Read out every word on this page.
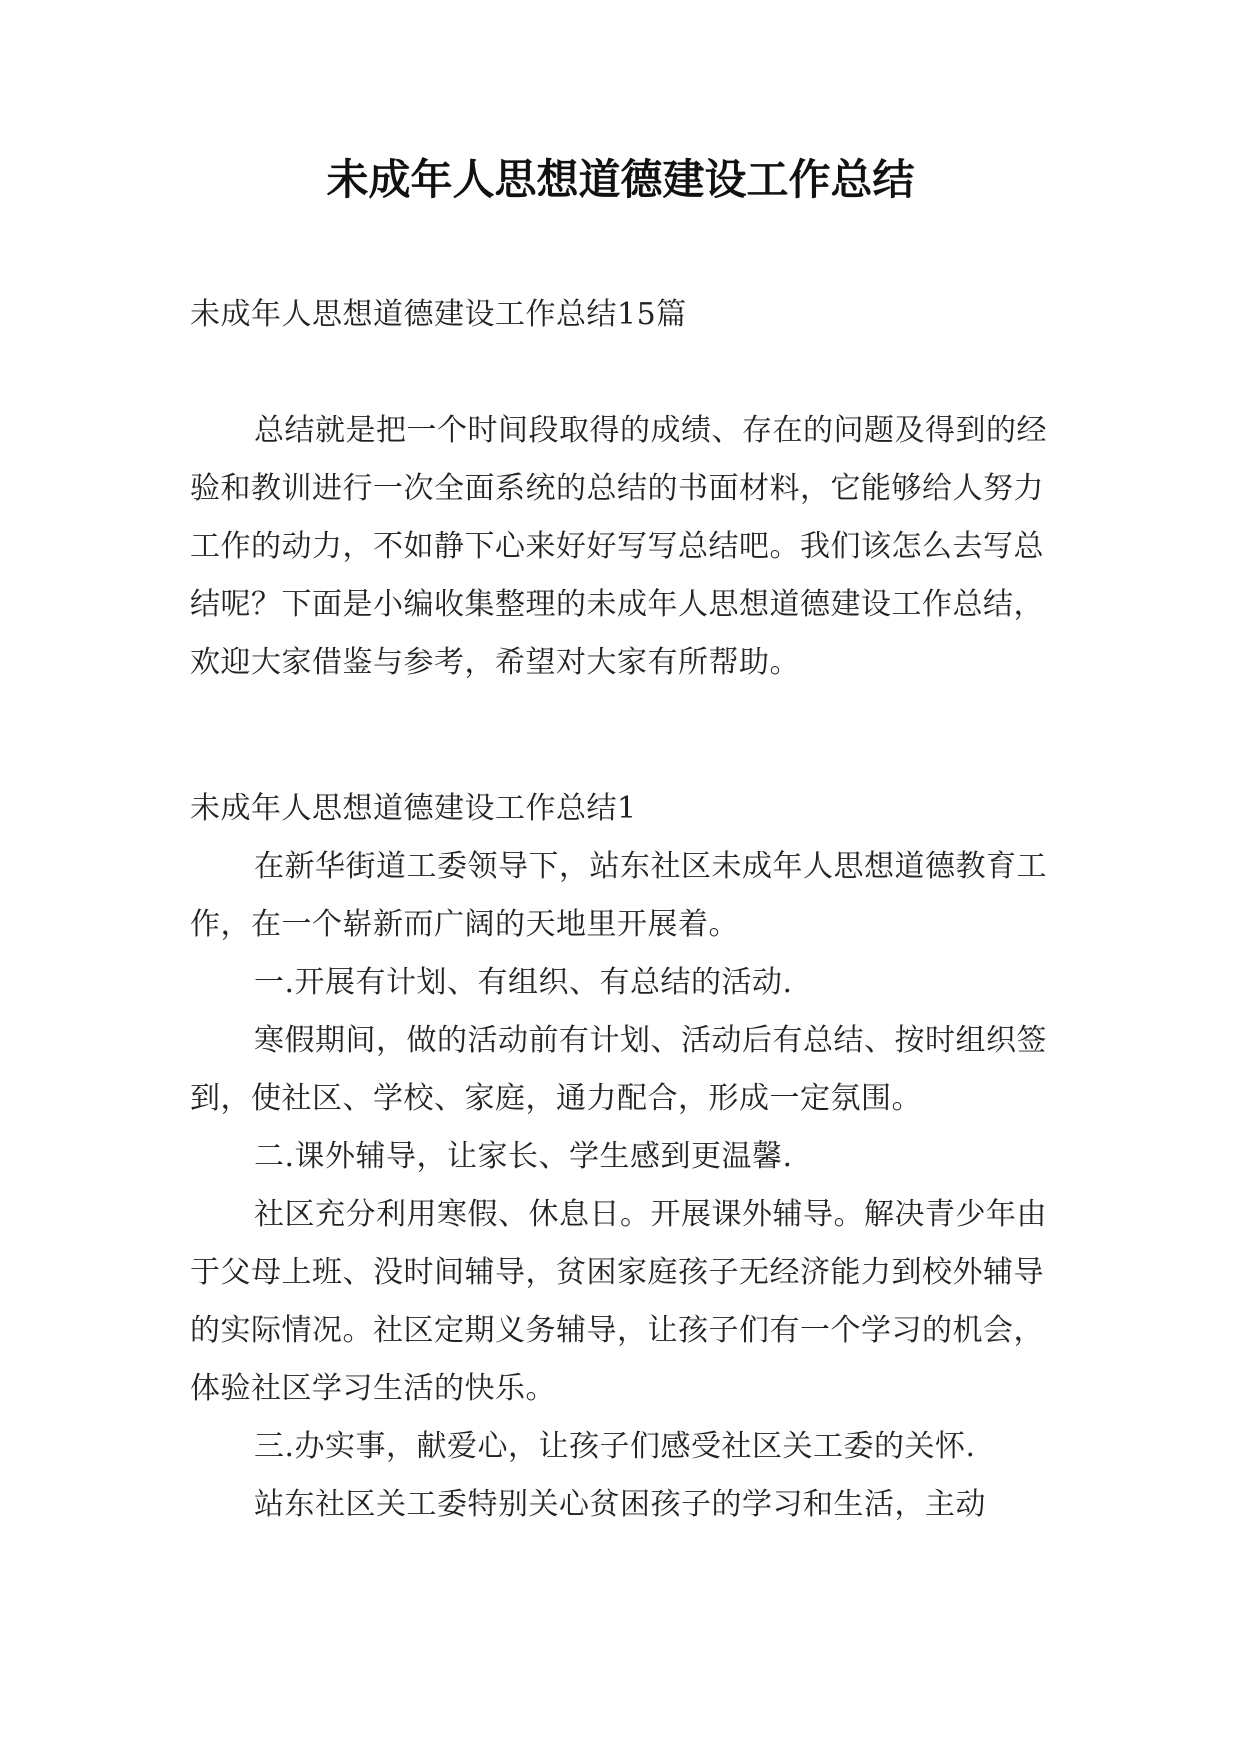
未成年人思想道德建设工作总结

未成年人思想道德建设工作总结15篇

总结就是把一个时间段取得的成绩、存在的问题及得到的经验和教训进行一次全面系统的总结的书面材料，它能够给人努力工作的动力，不如静下心来好好写写总结吧。我们该怎么去写总结呢？下面是小编收集整理的未成年人思想道德建设工作总结，欢迎大家借鉴与参考，希望对大家有所帮助。

未成年人思想道德建设工作总结1

在新华街道工委领导下，站东社区未成年人思想道德教育工作，在一个崭新而广阔的天地里开展着。

一.开展有计划、有组织、有总结的活动.

寒假期间，做的活动前有计划、活动后有总结、按时组织签到，使社区、学校、家庭，通力配合，形成一定氛围。

二.课外辅导，让家长、学生感到更温馨.

社区充分利用寒假、休息日。开展课外辅导。解决青少年由于父母上班、没时间辅导，贫困家庭孩子无经济能力到校外辅导的实际情况。社区定期义务辅导，让孩子们有一个学习的机会，体验社区学习生活的快乐。

三.办实事，献爱心，让孩子们感受社区关工委的关怀.

站东社区关工委特别关心贫困孩子的学习和生活，主动
